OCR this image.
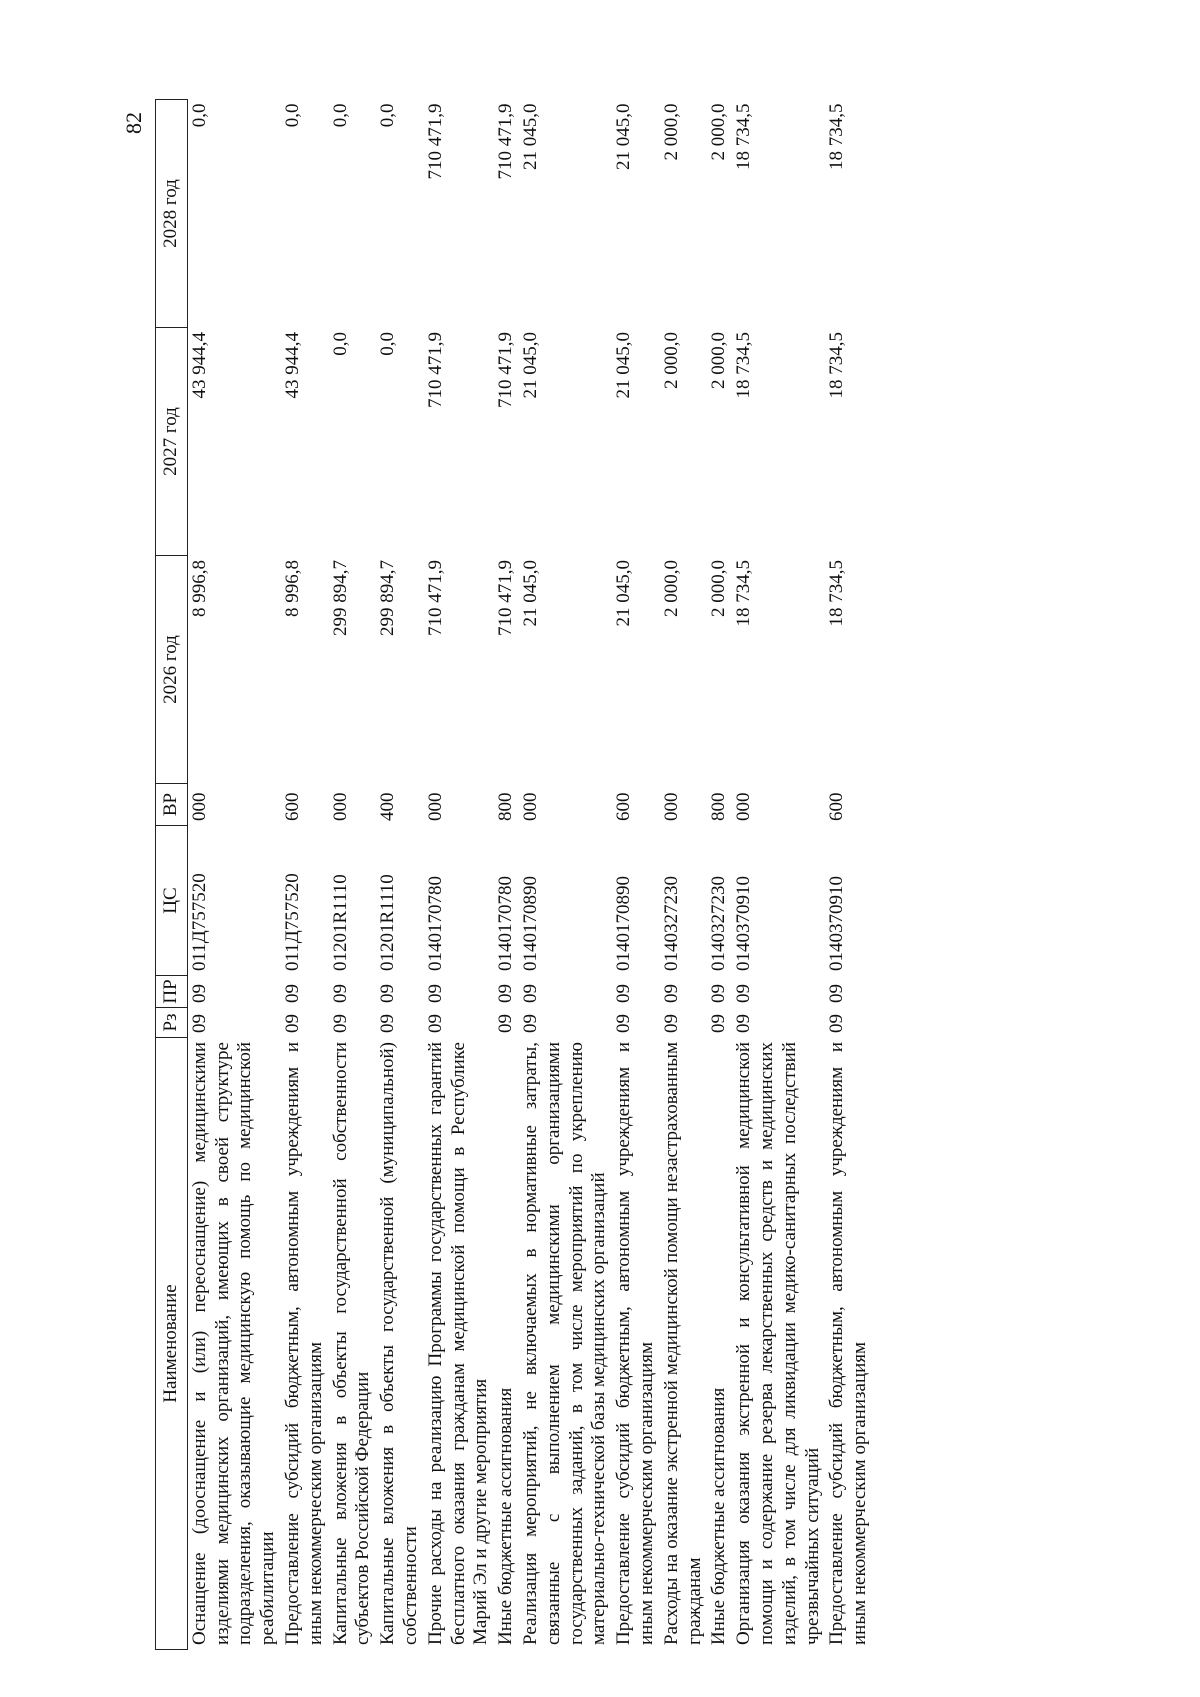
82
Наименование	Рз	ПР	ЦС	ВР	2026 год	2027 год	2028 год
Оснащение (дооснащение и (или) переоснащение) медицинскими изделиями медицинских организаций, имеющих в своей структуре подразделения, оказывающие медицинскую помощь по медицинской реабилитации	09	09	011Д757520	000	8 996,8	43 944,4	0,0
Предоставление субсидий бюджетным, автономным учреждениям и иным некоммерческим организациям	09	09	011Д757520	600	8 996,8	43 944,4	0,0
Капитальные вложения в объекты государственной собственности субъектов Российской Федерации	09	09	01201R1110	000	299 894,7	0,0	0,0
Капитальные вложения в объекты государственной (муниципальной) собственности	09	09	01201R1110	400	299 894,7	0,0	0,0
Прочие расходы на реализацию Программы государственных гарантий бесплатного оказания гражданам медицинской помощи в Республике Марий Эл и другие мероприятия	09	09	0140170780	000	710 471,9	710 471,9	710 471,9
Иные бюджетные ассигнования	09	09	0140170780	800	710 471,9	710 471,9	710 471,9
Реализация мероприятий, не включаемых в нормативные затраты, связанные с выполнением медицинскими организациями государственных заданий, в том числе мероприятий по укреплению материально-технической базы медицинских организаций	09	09	0140170890	000	21 045,0	21 045,0	21 045,0
Предоставление субсидий бюджетным, автономным учреждениям и иным некоммерческим организациям	09	09	0140170890	600	21 045,0	21 045,0	21 045,0
Расходы на оказание экстренной медицинской помощи незастрахованным гражданам	09	09	0140327230	000	2 000,0	2 000,0	2 000,0
Иные бюджетные ассигнования	09	09	0140327230	800	2 000,0	2 000,0	2 000,0
Организация оказания экстренной и консультативной медицинской помощи и содержание резерва лекарственных средств и медицинских изделий, в том числе для ликвидации медико-санитарных последствий чрезвычайных ситуаций	09	09	0140370910	000	18 734,5	18 734,5	18 734,5
Предоставление субсидий бюджетным, автономным учреждениям и иным некоммерческим организациям	09	09	0140370910	600	18 734,5	18 734,5	18 734,5
